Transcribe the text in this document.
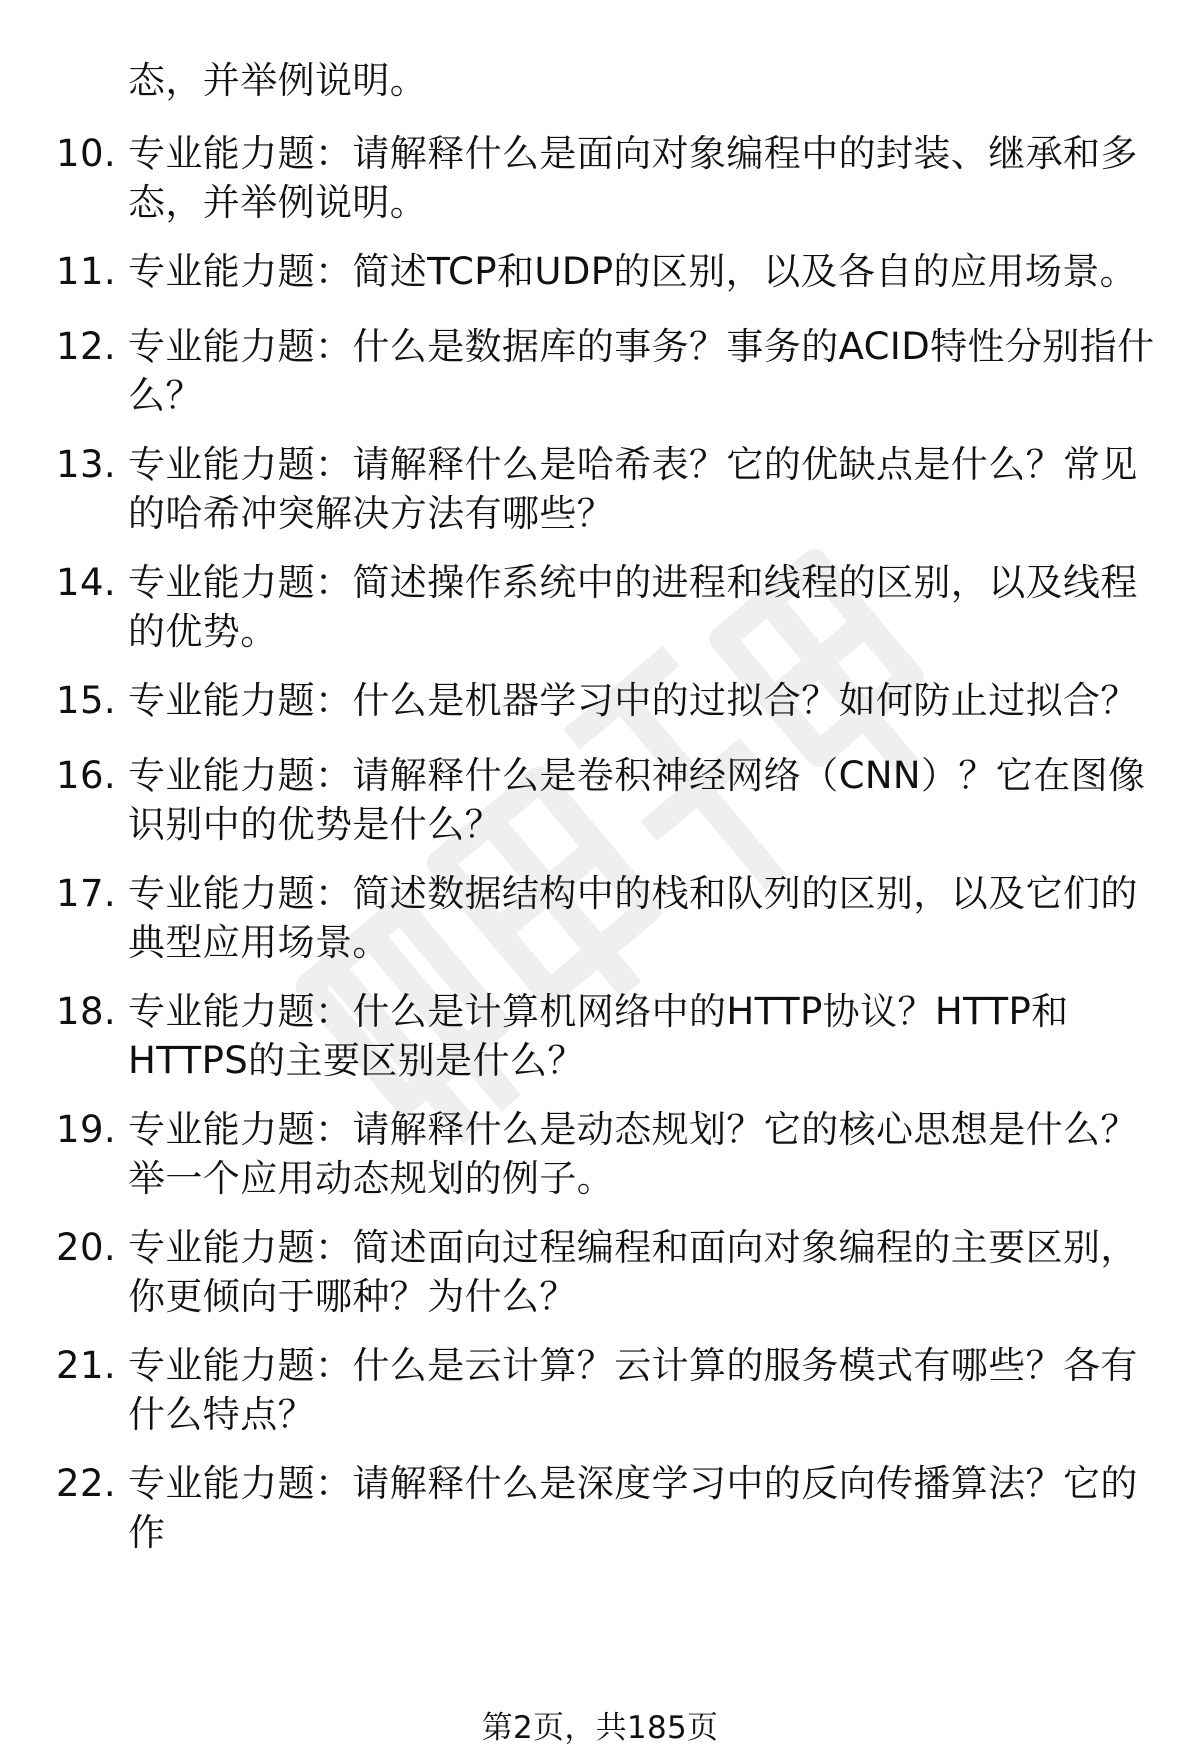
态，并举例说明。
10. 专业能力题：请解释什么是面向对象编程中的封装、继承和多态，并举例说明。
11. 专业能力题：简述TCP和UDP的区别，以及各自的应用场景。
12. 专业能力题：什么是数据库的事务？事务的ACID特性分别指什么？
13. 专业能力题：请解释什么是哈希表？它的优缺点是什么？常见的哈希冲突解决方法有哪些？
14. 专业能力题：简述操作系统中的进程和线程的区别，以及线程的优势。
15. 专业能力题：什么是机器学习中的过拟合？如何防止过拟合？
16. 专业能力题：请解释什么是卷积神经网络（CNN）？它在图像识别中的优势是什么？
17. 专业能力题：简述数据结构中的栈和队列的区别，以及它们的典型应用场景。
18. 专业能力题：什么是计算机网络中的HTTP协议？HTTP和HTTPS的主要区别是什么？
19. 专业能力题：请解释什么是动态规划？它的核心思想是什么？举一个应用动态规划的例子。
20. 专业能力题：简述面向过程编程和面向对象编程的主要区别，你更倾向于哪种？为什么？
21. 专业能力题：什么是云计算？云计算的服务模式有哪些？各有什么特点？
22. 专业能力题：请解释什么是深度学习中的反向传播算法？它的作
第2页，共185页
